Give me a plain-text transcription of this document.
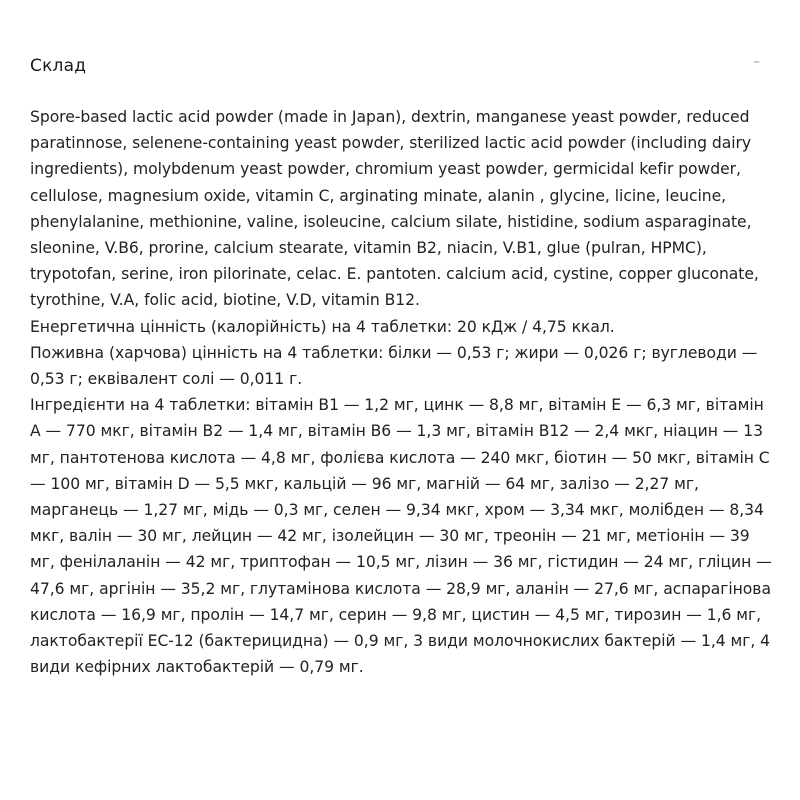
Склад	–

Spore-based lactic acid powder (made in Japan), dextrin, manganese yeast powder, reduced paratinnose, selenene-containing yeast powder, sterilized lactic acid powder (including dairy ingredients), molybdenum yeast powder, chromium yeast powder, germicidal kefir powder, cellulose, magnesium oxide, vitamin C, arginating minate, alanin , glycine, licine, leucine, phenylalanine, methionine, valine, isoleucine, calcium silate, histidine, sodium asparaginate, sleonine, V.B6, prorine, calcium stearate, vitamin B2, niacin, V.B1, glue (pulran, HPMC), trypotofan, serine, iron pilorinate, celac. E. pantoten. calcium acid, cystine, copper gluconate, tyrothine, V.A, folic acid, biotine, V.D, vitamin B12.

Енергетична цінність (калорійність) на 4 таблетки: 20 кДж / 4,75 ккал.

Поживна (харчова) цінність на 4 таблетки: білки — 0,53 г; жири — 0,026 г; вуглеводи — 0,53 г; еквівалент солі — 0,011 г.

Інгредієнти на 4 таблетки: вітамін В1 — 1,2 мг, цинк — 8,8 мг, вітамін Е — 6,3 мг, вітамін А — 770 мкг, вітамін В2 — 1,4 мг, вітамін В6 — 1,3 мг, вітамін В12 — 2,4 мкг, ніацин — 13 мг, пантотенова кислота — 4,8 мг, фолієва кислота — 240 мкг, біотин — 50 мкг, вітамін С — 100 мг, вітамін D — 5,5 мкг, кальцій — 96 мг, магній — 64 мг, залізо — 2,27 мг, марганець — 1,27 мг, мідь — 0,3 мг, селен — 9,34 мкг, хром — 3,34 мкг, молібден — 8,34 мкг, валін — 30 мг, лейцин — 42 мг, ізолейцин — 30 мг, треонін — 21 мг, метіонін — 39 мг, фенілаланін — 42 мг, триптофан — 10,5 мг, лізин — 36 мг, гістидин — 24 мг, гліцин — 47,6 мг, аргінін — 35,2 мг, глутамінова кислота — 28,9 мг, аланін — 27,6 мг, аспарагінова кислота — 16,9 мг, пролін — 14,7 мг, серин — 9,8 мг, цистин — 4,5 мг, тирозин — 1,6 мг, лактобактерії ЕС-12 (бактерицидна) — 0,9 мг, 3 види молочнокислих бактерій — 1,4 мг, 4 види кефірних лактобактерій — 0,79 мг.
